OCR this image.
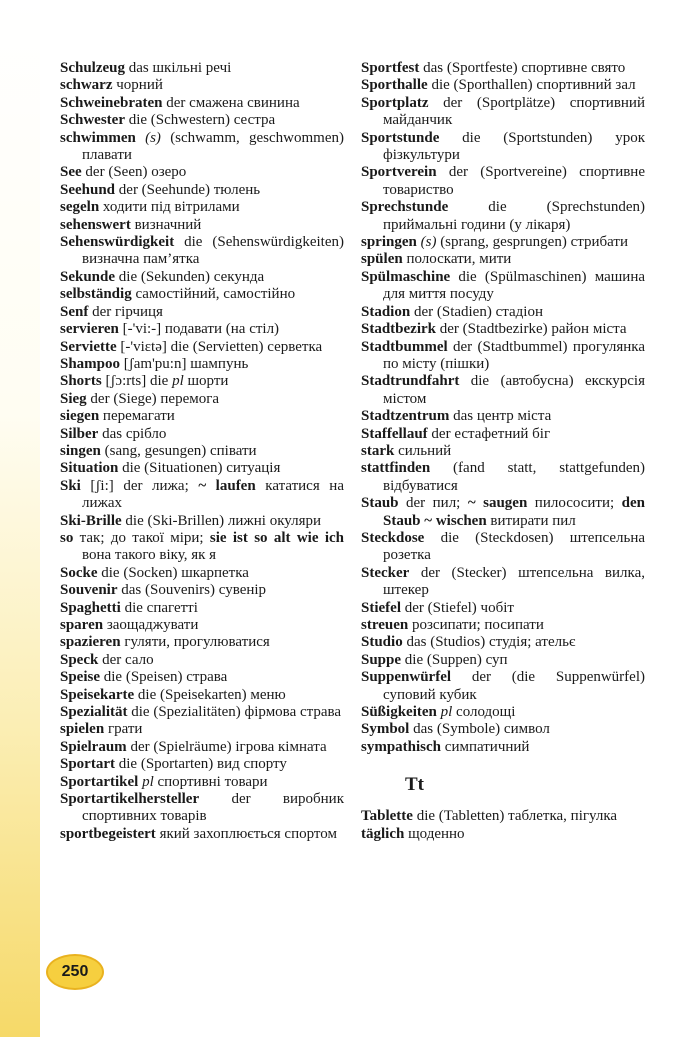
Schulzeug das шкільні речі
schwarz чорний
Schweinebraten der смажена свинина
Schwester die (Schwestern) сестра
schwimmen (s) (schwamm, geschwommen) плавати
See der (Seen) озеро
Seehund der (Seehunde) тюлень
segeln ходити під вітрилами
sehenswert визначний
Sehenswürdigkeit die (Sehenswürdigkeiten) визначна пам’ятка
Sekunde die (Sekunden) секунда
selbständig самостійний, самостійно
Senf der гірчиця
servieren [-'vi:-] подавати (на стіл)
Serviette [-'viɛtə] die (Servietten) серветка
Shampoo [ʃam'pu:n] шампунь
Shorts [ʃɔ:rts] die pl шорти
Sieg der (Siege) перемога
siegen перемагати
Silber das срібло
singen (sang, gesungen) співати
Situation die (Situationen) ситуація
Ski [ʃi:] der лижа; ~ laufen кататися на лижах
Ski-Brille die (Ski-Brillen) лижні окуляри
so так; до такої міри; sie ist so alt wie ich вона такого віку, як я
Socke die (Socken) шкарпетка
Souvenir das (Souvenirs) сувенір
Spaghetti die спагетті
sparen заощаджувати
spazieren гуляти, прогулюватися
Speck der сало
Speise die (Speisen) страва
Speisekarte die (Speisekarten) меню
Spezialität die (Spezialitäten) фірмова страва
spielen грати
Spielraum der (Spielräume) ігрова кімната
Sportart die (Sportarten) вид спорту
Sportartikel pl спортивні товари
Sportartikelhersteller der виробник спортивних товарів
sportbegeistert який захоплюється спортом
Sportfest das (Sportfeste) спортивне свято
Sporthalle die (Sporthallen) спортивний зал
Sportplatz der (Sportplätze) спортивний майданчик
Sportstunde die (Sportstunden) урок фізкультури
Sportverein der (Sportvereine) спортивне товариство
Sprechstunde die (Sprechstunden) приймальні години (у лікаря)
springen (s) (sprang, gesprungen) стрибати
spülen полоскати, мити
Spülmaschine die (Spülmaschinen) машина для миття посуду
Stadion der (Stadien) стадіон
Stadtbezirk der (Stadtbezirke) район міста
Stadtbummel der (Stadtbummel) прогулянка по місту (пішки)
Stadtrundfahrt die (автобусна) екскурсія містом
Stadtzentrum das центр міста
Staffellauf der естафетний біг
stark сильний
stattfinden (fand statt, stattgefunden) відбуватися
Staub der пил; ~ saugen пилососити; den Staub ~ wischen витирати пил
Steckdose die (Steckdosen) штепсельна розетка
Stecker der (Stecker) штепсельна вилка, штекер
Stiefel der (Stiefel) чобіт
streuen розсипати; посипати
Studio das (Studios) студія; ательє
Suppe die (Suppen) суп
Suppenwürfel der (die Suppenwürfel) суповий кубик
Süßigkeiten pl солодощі
Symbol das (Symbole) символ
sympathisch симпатичний
Tt
Tablette die (Tabletten) таблетка, пігулка
täglich щоденно
250
